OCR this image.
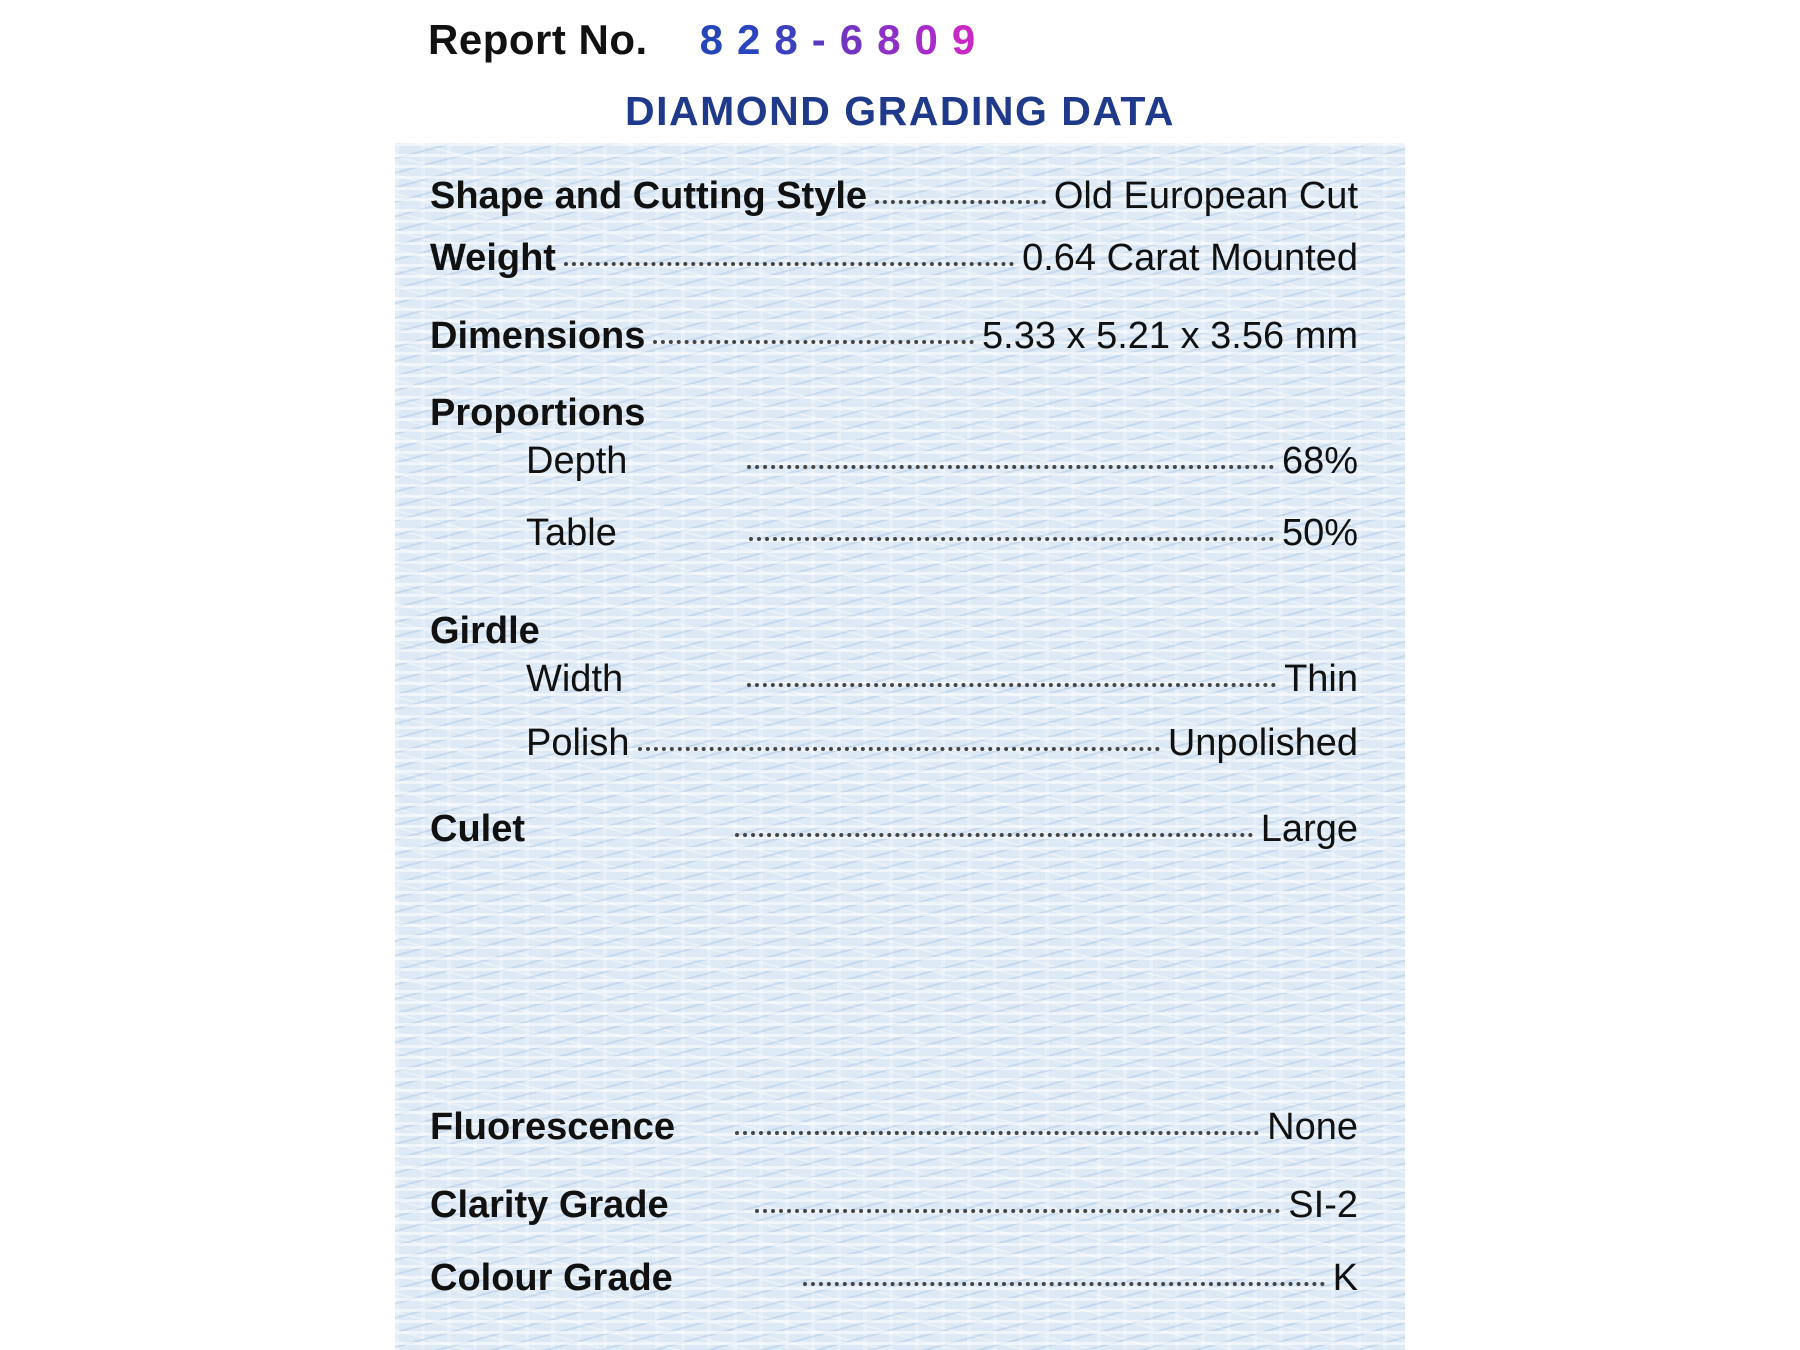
Report No. 828-6809
DIAMOND GRADING DATA
Shape and Cutting Style	Old European Cut
Weight	0.64 Carat Mounted
Dimensions	5.33 x 5.21 x 3.56 mm
Proportions
Depth	68%
Table	50%
Girdle
Width	Thin
Polish	Unpolished
Culet	Large
Fluorescence	None
Clarity Grade	SI-2
Colour Grade	K
